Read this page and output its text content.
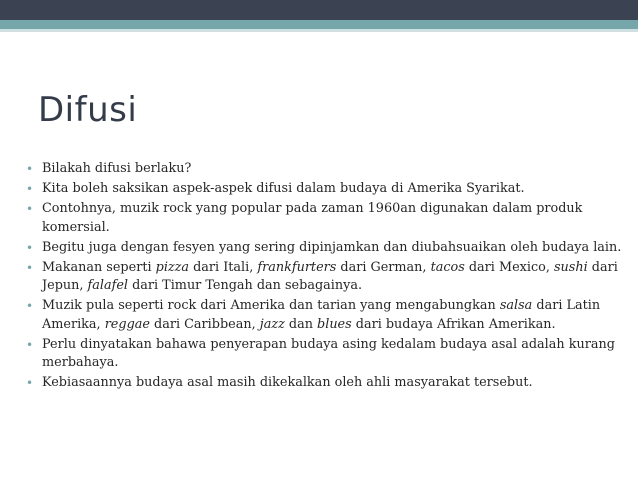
Difusi
• Bilakah difusi berlaku?
• Kita boleh saksikan aspek-aspek difusi dalam budaya di Amerika Syarikat.
• Contohnya, muzik rock yang popular pada zaman 1960an digunakan dalam produk komersial.
• Begitu juga dengan fesyen yang sering dipinjamkan dan diubahsuaikan oleh budaya lain.
• Makanan seperti pizza dari Itali, frankfurters dari German, tacos dari Mexico, sushi dari Jepun, falafel dari Timur Tengah dan sebagainya.
• Muzik pula seperti rock dari Amerika dan tarian yang mengabungkan salsa dari Latin Amerika, reggae dari Caribbean, jazz dan blues dari budaya Afrikan Amerikan.
• Perlu dinyatakan bahawa penyerapan budaya asing kedalam budaya asal adalah kurang merbahaya.
• Kebiasaannya budaya asal masih dikekalkan oleh ahli masyarakat tersebut.
